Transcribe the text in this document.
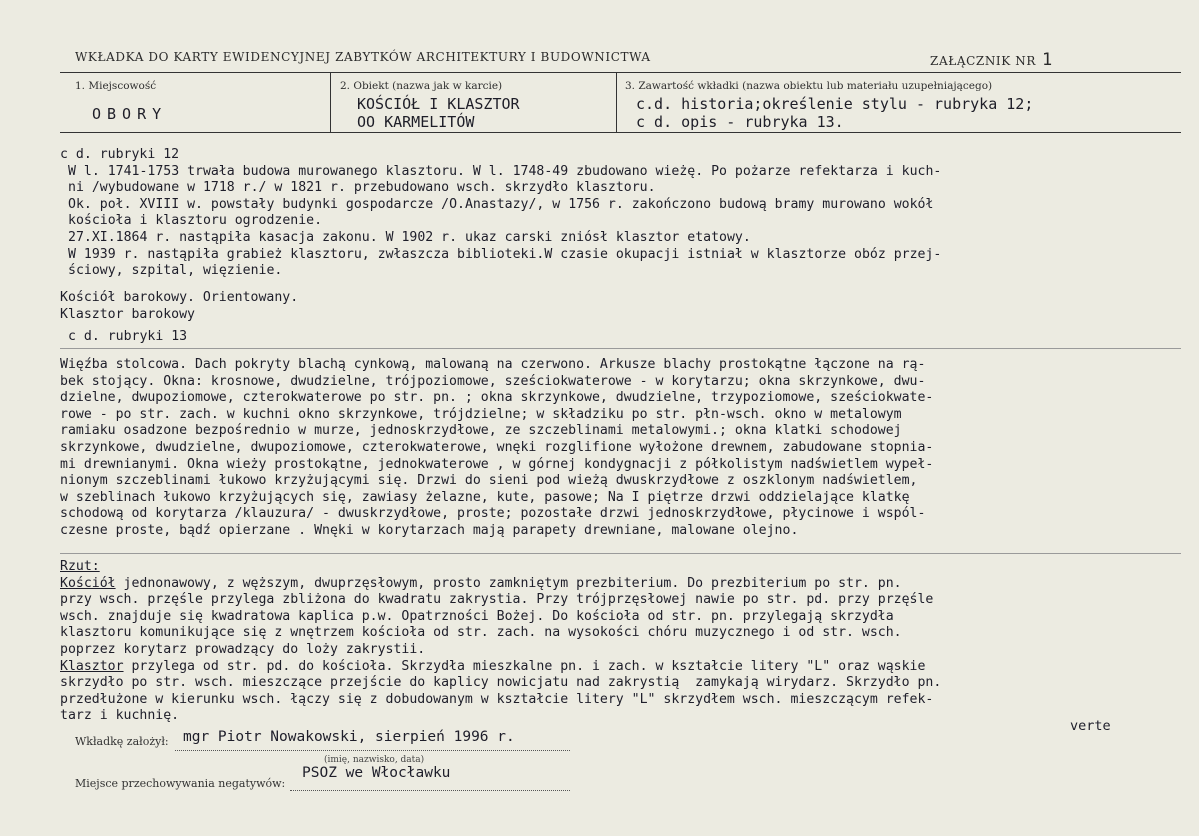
WKŁADKA DO KARTY EWIDENCYJNEJ ZABYTKÓW ARCHITEKTURY I BUDOWNICTWA	ZAŁĄCZNIK NR 1
1. Miejscowość
OBORY
2. Obiekt (nazwa jak w karcie)
KOŚCIÓŁ I KLASZTOR
OO KARMELITÓW
3. Zawartość wkładki (nazwa obiektu lub materiału uzupełniającego)
c.d. historia;określenie stylu - rubryka 12;
c d. opis - rubryka 13.
c d. rubryki 12
W l. 1741-1753 trwała budowa murowanego klasztoru. W l. 1748-49 zbudowano wieżę. Po pożarze refektarza i kuch-
ni /wybudowane w 1718 r./ w 1821 r. przebudowano wsch. skrzydło klasztoru.
Ok. poł. XVIII w. powstały budynki gospodarcze /O.Anastazy/, w 1756 r. zakończono budową bramy murowano wokół
kościoła i klasztoru ogrodzenie.
27.XI.1864 r. nastąpiła kasacja zakonu. W 1902 r. ukaz carski zniósł klasztor etatowy.
W 1939 r. nastąpiła grabież klasztoru, zwłaszcza biblioteki.W czasie okupacji istniał w klasztorze obóz przej-
ściowy, szpital, więzienie.
Kościół barokowy. Orientowany.
Klasztor barokowy
c d. rubryki 13
Więźba stolcowa. Dach pokryty blachą cynkową, malowaną na czerwono. Arkusze blachy prostokątne łączone na rą-
bek stojący. Okna: krosnowe, dwudzielne, trójpoziomowe, sześciokwaterowe - w korytarzu; okna skrzynkowe, dwu-
dzielne, dwupoziomowe, czterokwaterowe po str. pn. ; okna skrzynkowe, dwudzielne, trzypoziomowe, sześciokwate-
rowe - po str. zach. w kuchni okno skrzynkowe, trójdzielne; w składziku po str. płn-wsch. okno w metalowym
ramiaku osadzone bezpośrednio w murze, jednoskrzydłowe, ze szczeblinami metalowymi.; okna klatki schodowej
skrzynkowe, dwudzielne, dwupoziomowe, czterokwaterowe, wnęki rozglifione wyłożone drewnem, zabudowane stopnia-
mi drewnianymi. Okna wieży prostokątne, jednokwaterowe , w górnej kondygnacji z półkolistym nadświetlem wypeł-
nionym szczeblinami łukowo krzyżującymi się. Drzwi do sieni pod wieżą dwuskrzydłowe z oszklonym nadświetlem,
w szeblinach łukowo krzyżujących się, zawiasy żelazne, kute, pasowe; Na I piętrze drzwi oddzielające klatkę
schodową od korytarza /klauzura/ - dwuskrzydłowe, proste; pozostałe drzwi jednoskrzydłowe, płycinowe i wspól-
czesne proste, bądź opierzane . Wnęki w korytarzach mają parapety drewniane, malowane olejno.
Rzut:
Kościół jednonawowy, z węższym, dwuprzęsłowym, prosto zamkniętym prezbiterium. Do prezbiterium po str. pn.
przy wsch. przęśle przylega zbliżona do kwadratu zakrystia. Przy trójprzęsłowej nawie po str. pd. przy przęśle
wsch. znajduje się kwadratowa kaplica p.w. Opatrzności Bożej. Do kościoła od str. pn. przylegają skrzydła
klasztoru komunikujące się z wnętrzem kościoła od str. zach. na wysokości chóru muzycznego i od str. wsch.
poprzez korytarz prowadzący do loży zakrystii.
Klasztor przylega od str. pd. do kościoła. Skrzydła mieszkalne pn. i zach. w kształcie litery "L" oraz wąskie
skrzydło po str. wsch. mieszczące przejście do kaplicy nowicjatu nad zakrystią  zamykają wirydarz. Skrzydło pn.
przedłużone w kierunku wsch. łączy się z dobudowanym w kształcie litery "L" skrzydłem wsch. mieszczącym refek-
tarz i kuchnię.
verte
Wkładkę założył: mgr Piotr Nowakowski, sierpień 1996 r.
(imię, nazwisko, data)
Miejsce przechowywania negatywów:
PSOZ we Włocławku
